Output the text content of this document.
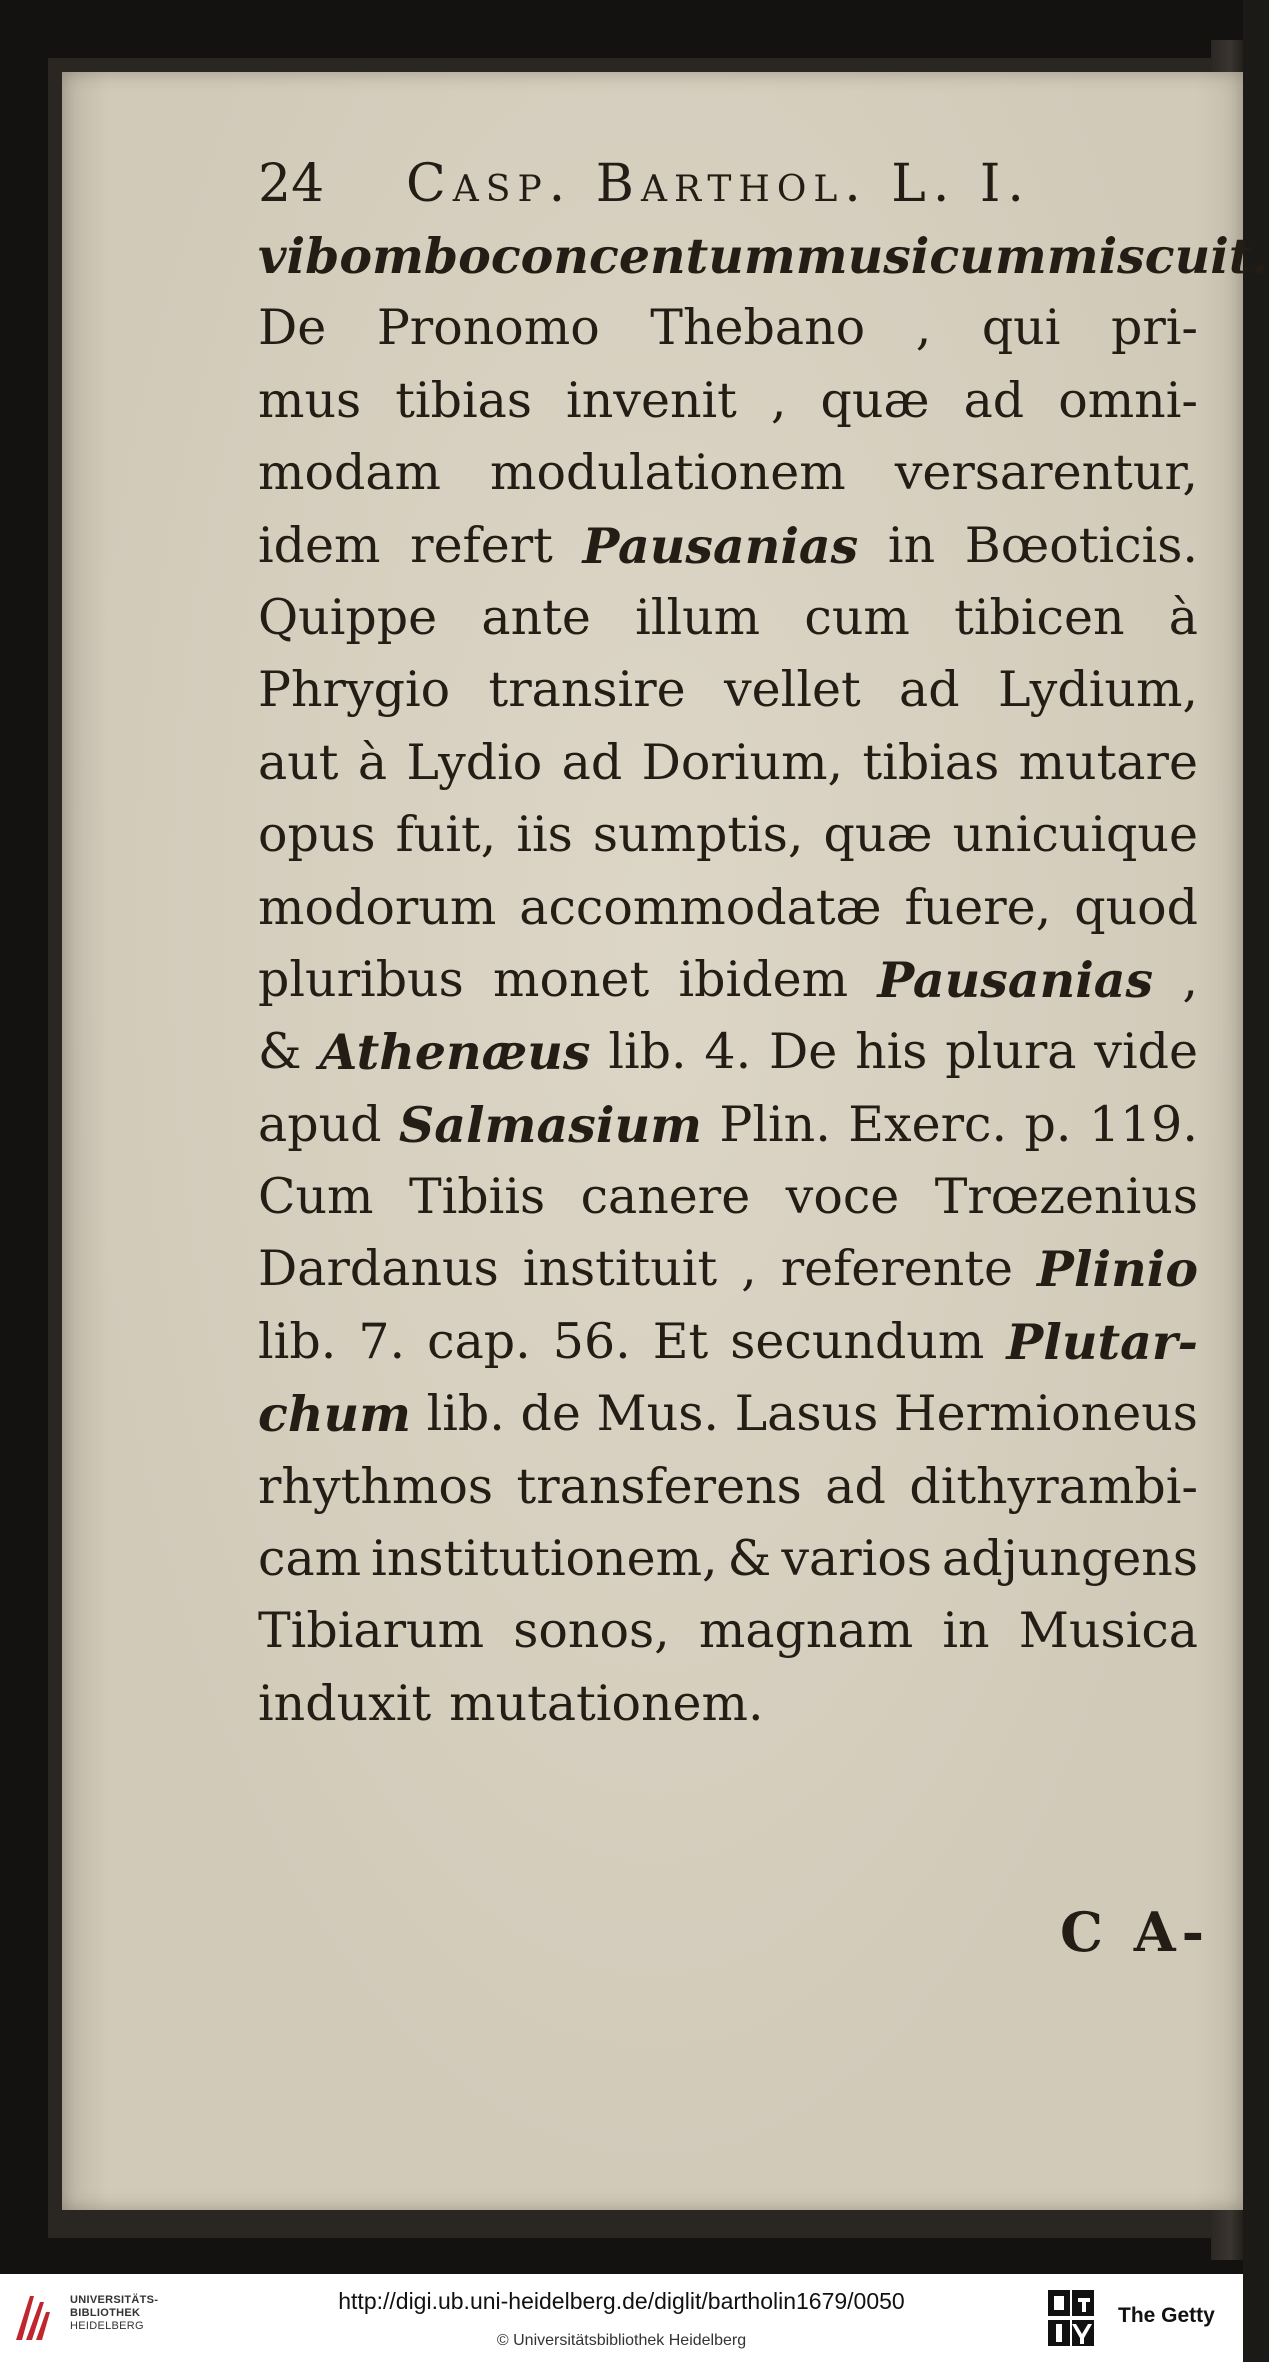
24 Casp. Barthol. L. I.
vi bombo concentum musicum miscuit.
De Pronomo Thebano , qui pri-
mus tibias invenit , quæ ad omni-
modam modulationem versarentur,
idem refert Pausanias in Bœoticis.
Quippe ante illum cum tibicen à
Phrygio transire vellet ad Lydium,
aut à Lydio ad Dorium, tibias mutare
opus fuit, iis sumptis, quæ unicuique
modorum accommodatæ fuere, quod
pluribus monet ibidem Pausanias ,
& Athenæus lib. 4. De his plura vide
apud Salmasium Plin. Exerc. p. 119.
Cum Tibiis canere voce Trœzenius
Dardanus instituit , referente Plinio
lib. 7. cap. 56. Et secundum Plutar-
chum lib. de Mus. Lasus Hermioneus
rhythmos transferens ad dithyrambi-
cam institutionem, & varios adjungens
Tibiarum sonos, magnam in Musica
induxit mutationem.
C A-
UNIVERSITÄTS-
BIBLIOTHEK
HEIDELBERG
http://digi.ub.uni-heidelberg.de/diglit/bartholin1679/0050
© Universitätsbibliothek Heidelberg
The Getty
